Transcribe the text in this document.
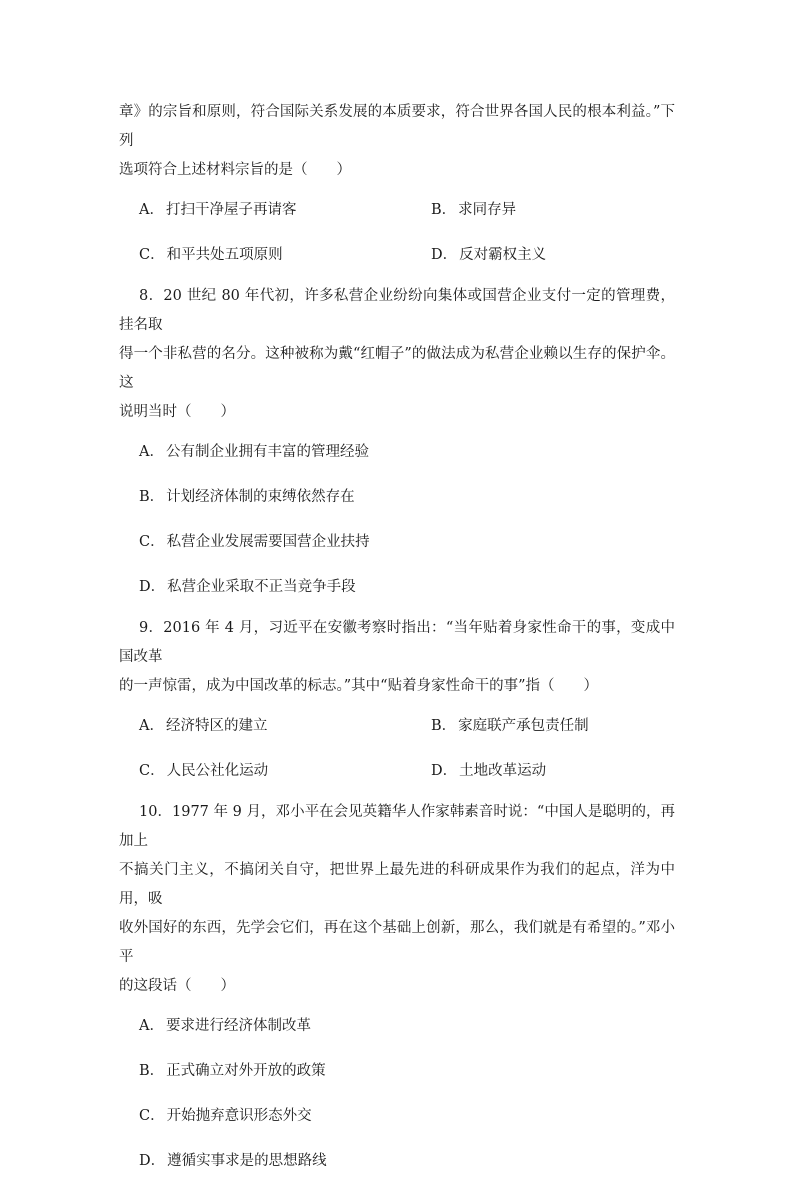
章》的宗旨和原则，符合国际关系发展的本质要求，符合世界各国人民的根本利益。”下列

选项符合上述材料宗旨的是（　　）

A． 打扫干净屋子再请客	B． 求同存异
C． 和平共处五项原则	D． 反对霸权主义

8．20 世纪 80 年代初，许多私营企业纷纷向集体或国营企业支付一定的管理费，挂名取

得一个非私营的名分。这种被称为戴“红帽子”的做法成为私营企业赖以生存的保护伞。这

说明当时（　　）

A． 公有制企业拥有丰富的管理经验
B． 计划经济体制的束缚依然存在
C． 私营企业发展需要国营企业扶持
D． 私营企业采取不正当竞争手段

9．2016 年 4 月，习近平在安徽考察时指出：“当年贴着身家性命干的事，变成中国改革

的一声惊雷，成为中国改革的标志。”其中“贴着身家性命干的事”指（　　）

A． 经济特区的建立	B． 家庭联产承包责任制
C． 人民公社化运动	D． 土地改革运动

10．1977 年 9 月，邓小平在会见英籍华人作家韩素音时说：“中国人是聪明的，再加上

不搞关门主义，不搞闭关自守，把世界上最先进的科研成果作为我们的起点，洋为中用，吸

收外国好的东西，先学会它们，再在这个基础上创新，那么，我们就是有希望的。”邓小平

的这段话（　　）

A． 要求进行经济体制改革
B． 正式确立对外开放的政策
C． 开始抛弃意识形态外交
D． 遵循实事求是的思想路线
